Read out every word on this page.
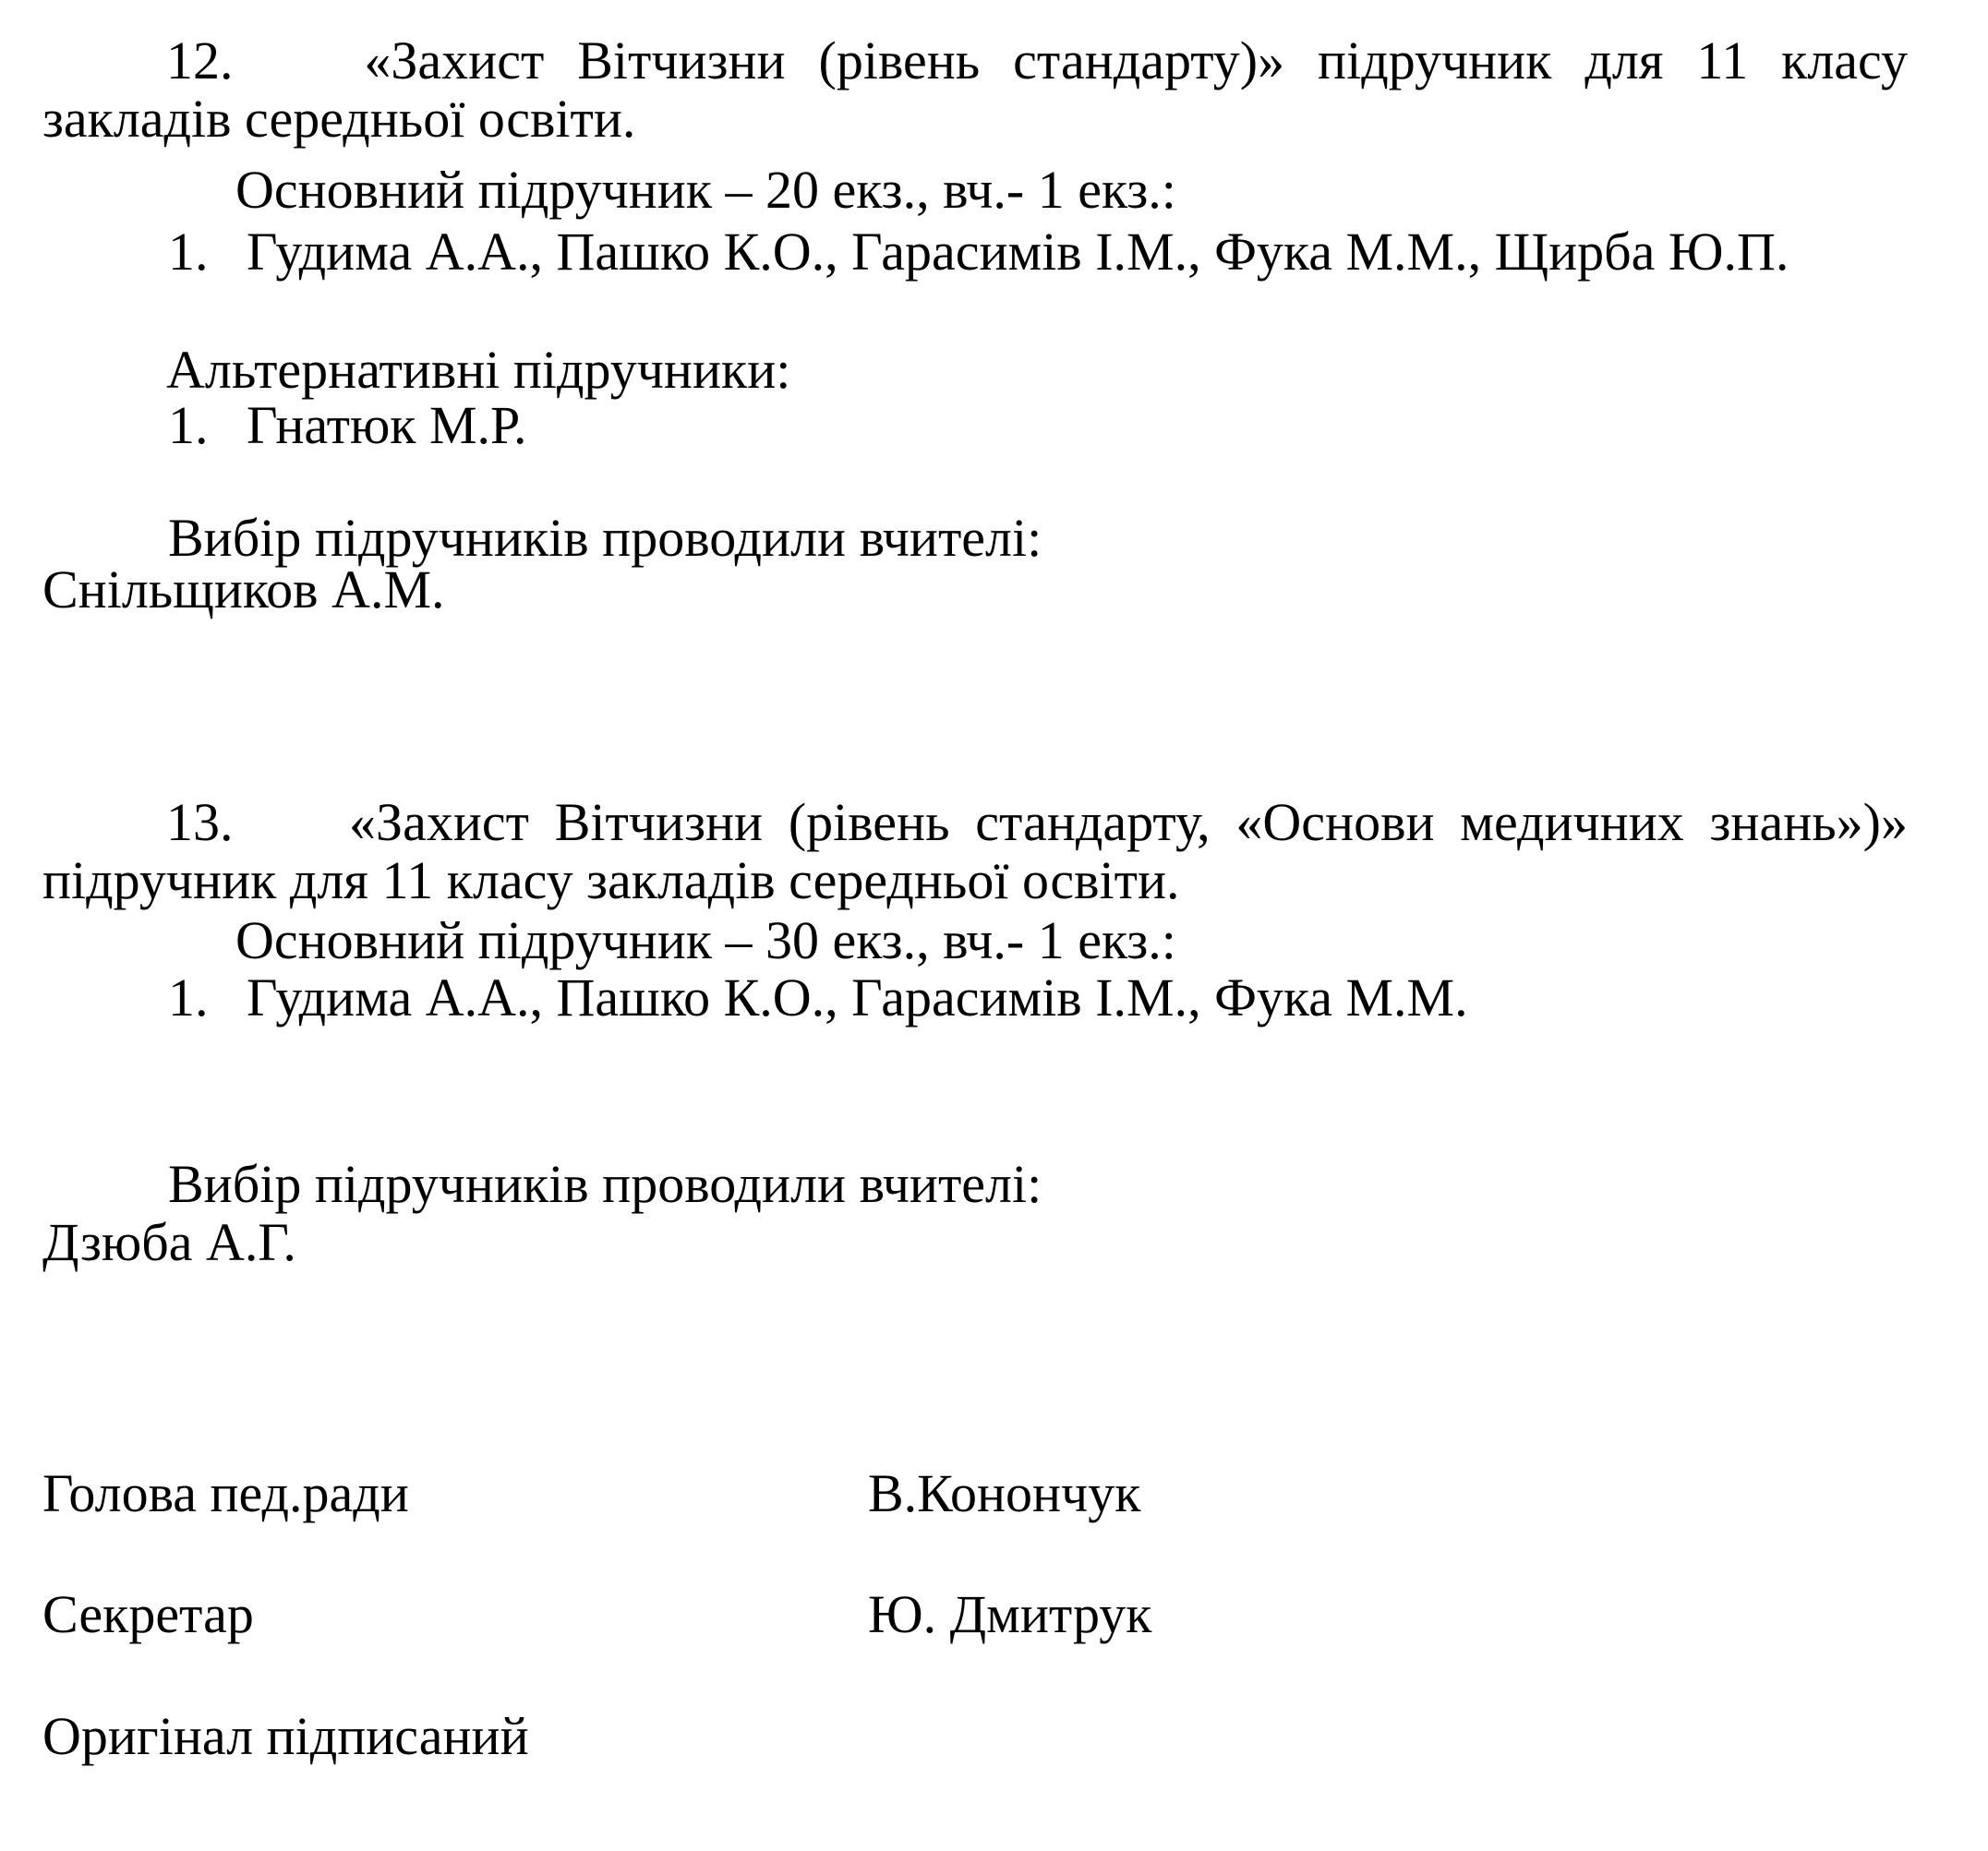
12. «Захист Вітчизни (рівень стандарту)» підручник для 11 класу

закладів середньої освіти.

Основний підручник – 20 екз., вч.- 1 екз.:

1. Гудима А.А., Пашко К.О., Гарасимів І.М., Фука М.М., Щирба Ю.П.

Альтернативні підручники:

1. Гнатюк М.Р.

Вибір підручників проводили вчителі:

Снільщиков А.М.

13. «Захист Вітчизни (рівень стандарту, «Основи медичних знань»)»

підручник для 11 класу закладів середньої освіти.

Основний підручник – 30 екз., вч.- 1 екз.:

1. Гудима А.А., Пашко К.О., Гарасимів І.М., Фука М.М.

Вибір підручників проводили вчителі:

Дзюба А.Г.

Голова пед.ради	В.Конончук

Секретар	Ю. Дмитрук

Оригінал підписаний
